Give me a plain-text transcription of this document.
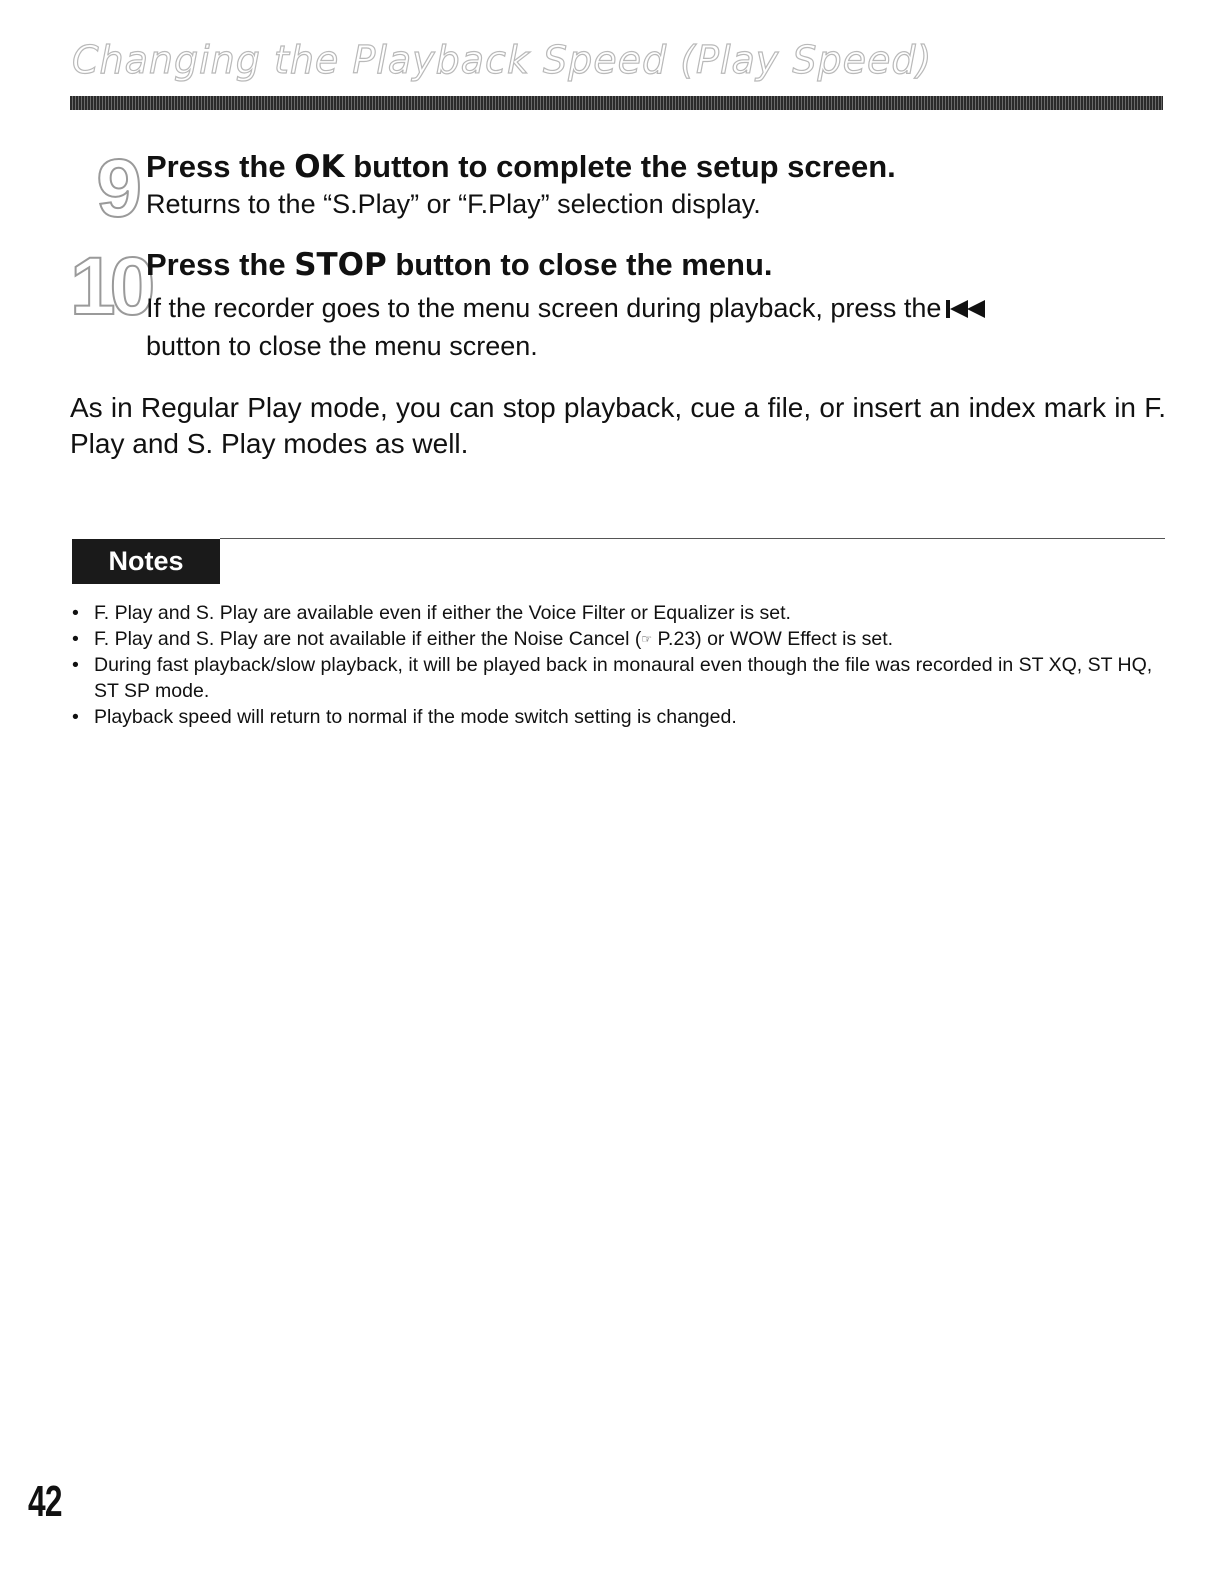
Changing the Playback Speed (Play Speed)
9 Press the OK button to complete the setup screen.
Returns to the “S.Play” or “F.Play” selection display.
10
Press the STOP button to close the menu.
If the recorder goes to the menu screen during playback, press the
button to close the menu screen.
As in Regular Play mode, you can stop playback, cue a file, or insert an index mark in F. Play and S. Play modes as well.
Notes
• F. Play and S. Play are available even if either the Voice Filter or Equalizer is set.
• F. Play and S. Play are not available if either the Noise Cancel (☞ P.23) or WOW Effect is set.
• During fast playback/slow playback, it will be played back in monaural even though the file was recorded in ST XQ, ST HQ, ST SP mode.
• Playback speed will return to normal if the mode switch setting is changed.
42
